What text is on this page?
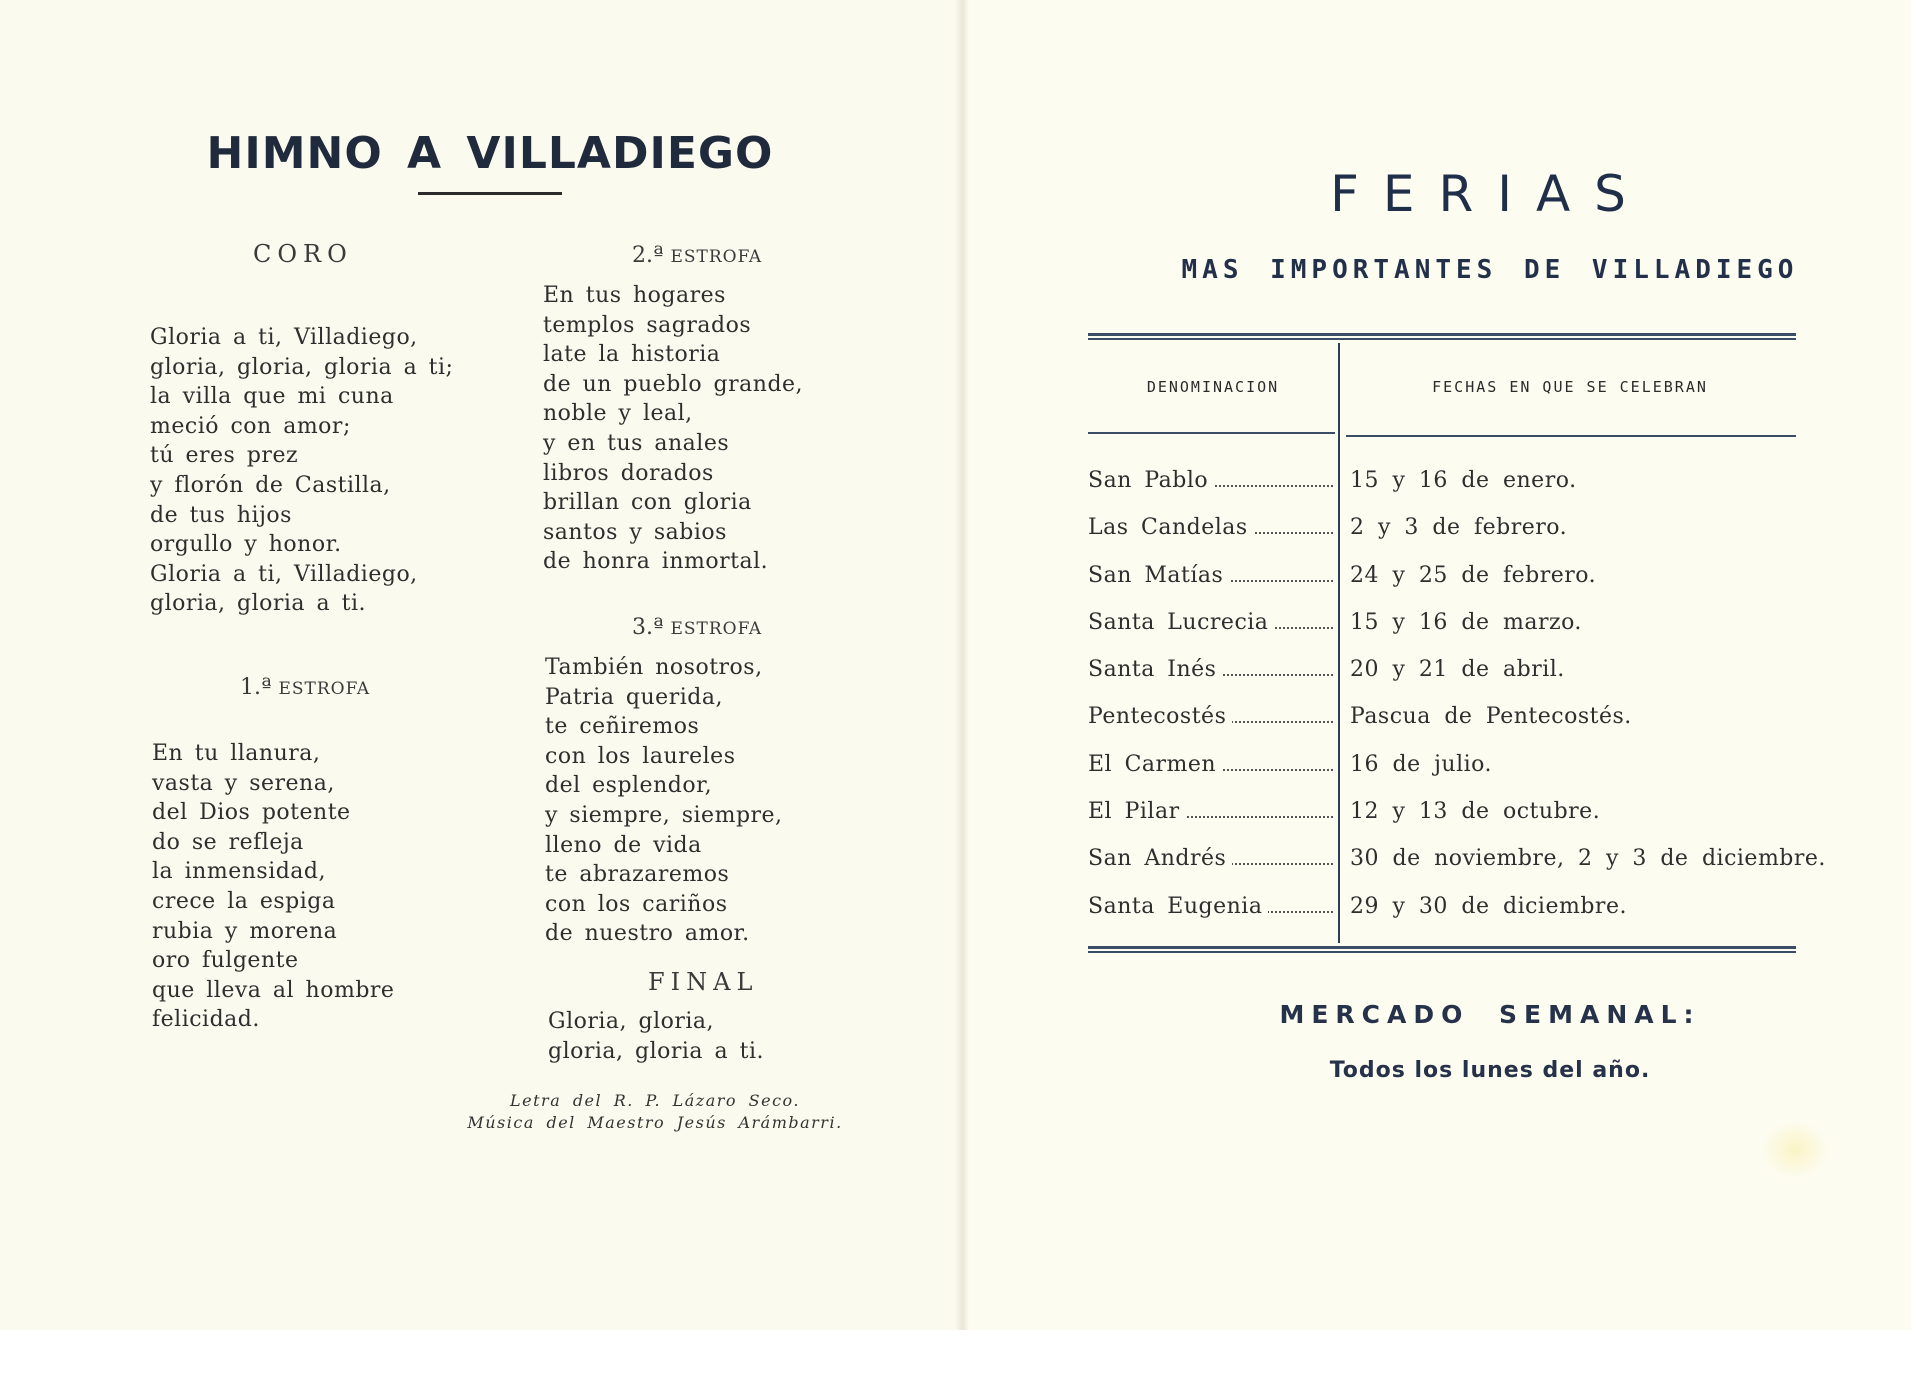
HIMNO A VILLADIEGO
CORO
Gloria a ti, Villadiego,
gloria, gloria, gloria a ti;
la villa que mi cuna
meció con amor;
tú eres prez
y florón de Castilla,
de tus hijos
orgullo y honor.
Gloria a ti, Villadiego,
gloria, gloria a ti.
1.ª ESTROFA
En tu llanura,
vasta y serena,
del Dios potente
do se refleja
la inmensidad,
crece la espiga
rubia y morena
oro fulgente
que lleva al hombre
felicidad.
2.ª ESTROFA
En tus hogares
templos sagrados
late la historia
de un pueblo grande,
noble y leal,
y en tus anales
libros dorados
brillan con gloria
santos y sabios
de honra inmortal.
3.ª ESTROFA
También nosotros,
Patria querida,
te ceñiremos
con los laureles
del esplendor,
y siempre, siempre,
lleno de vida
te abrazaremos
con los cariños
de nuestro amor.
FINAL
Gloria, gloria,
gloria, gloria a ti.
Letra del R. P. Lázaro Seco.
Música del Maestro Jesús Arámbarri.
FERIAS
MAS IMPORTANTES DE VILLADIEGO
DENOMINACION	FECHAS EN QUE SE CELEBRAN
San Pablo	15 y 16 de enero.
Las Candelas	2 y 3 de febrero.
San Matías	24 y 25 de febrero.
Santa Lucrecia	15 y 16 de marzo.
Santa Inés	20 y 21 de abril.
Pentecostés	Pascua de Pentecostés.
El Carmen	16 de julio.
El Pilar	12 y 13 de octubre.
San Andrés	30 de noviembre, 2 y 3 de diciembre.
Santa Eugenia	29 y 30 de diciembre.
MERCADO SEMANAL:
Todos los lunes del año.
